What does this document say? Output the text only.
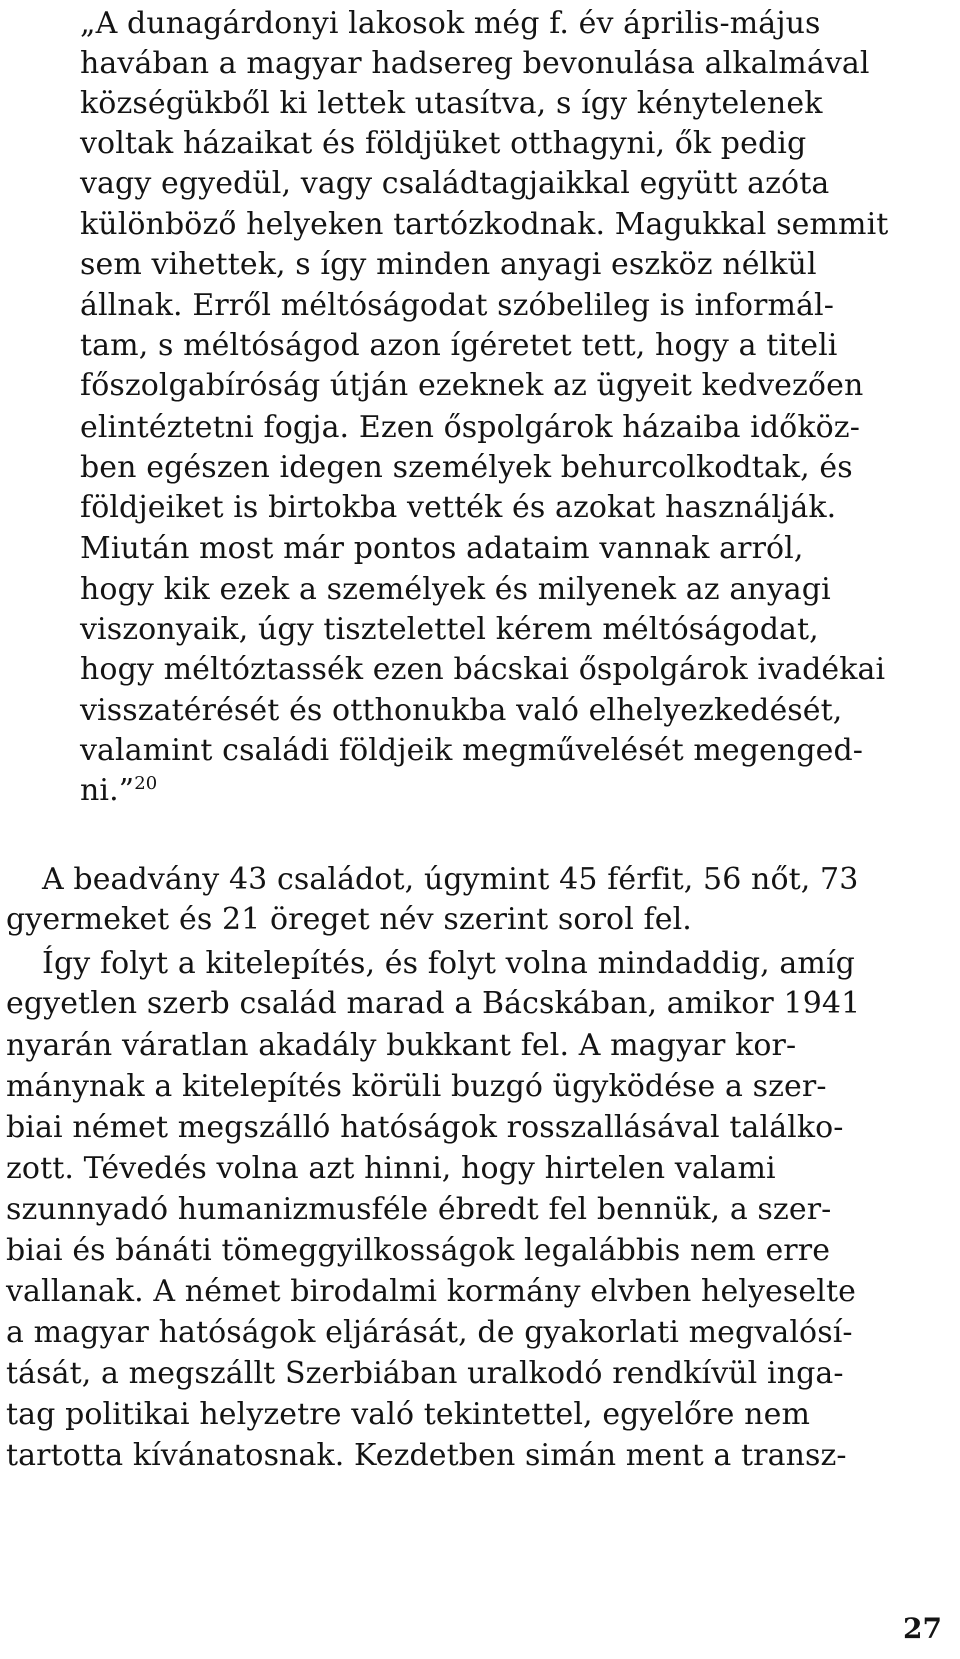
„A dunagárdonyi lakosok még f. év április-május
havában a magyar hadsereg bevonulása alkalmával
községükből ki lettek utasítva, s így kénytelenek
voltak házaikat és földjüket otthagyni, ők pedig
vagy egyedül, vagy családtagjaikkal együtt azóta
különböző helyeken tartózkodnak. Magukkal semmit
sem vihettek, s így minden anyagi eszköz nélkül
állnak. Erről méltóságodat szóbelileg is informál-
tam, s méltóságod azon ígéretet tett, hogy a titeli
főszolgabíróság útján ezeknek az ügyeit kedvezően
elintéztetni fogja. Ezen őspolgárok házaiba időköz-
ben egészen idegen személyek behurcolkodtak, és
földjeiket is birtokba vették és azokat használják.
Miután most már pontos adataim vannak arról,
hogy kik ezek a személyek és milyenek az anyagi
viszonyaik, úgy tisztelettel kérem méltóságodat,
hogy méltóztassék ezen bácskai őspolgárok ivadékai
visszatérését és otthonukba való elhelyezkedését,
valamint családi földjeik megművelését megenged-
ni.”$^{20}$
A beadvány 43 családot, úgymint 45 férfit, 56 nőt, 73
gyermeket és 21 öreget név szerint sorol fel.
Így folyt a kitelepítés, és folyt volna mindaddig, amíg
egyetlen szerb család marad a Bácskában, amikor 1941
nyarán váratlan akadály bukkant fel. A magyar kor-
mánynak a kitelepítés körüli buzgó ügyködése a szer-
biai német megszálló hatóságok rosszallásával találko-
zott. Tévedés volna azt hinni, hogy hirtelen valami
szunnyadó humanizmusféle ébredt fel bennük, a szer-
biai és bánáti tömeggyilkosságok legalábbis nem erre
vallanak. A német birodalmi kormány elvben helyeselte
a magyar hatóságok eljárását, de gyakorlati megvalósí-
tását, a megszállt Szerbiában uralkodó rendkívül inga-
tag politikai helyzetre való tekintettel, egyelőre nem
tartotta kívánatosnak. Kezdetben simán ment a transz-
27
